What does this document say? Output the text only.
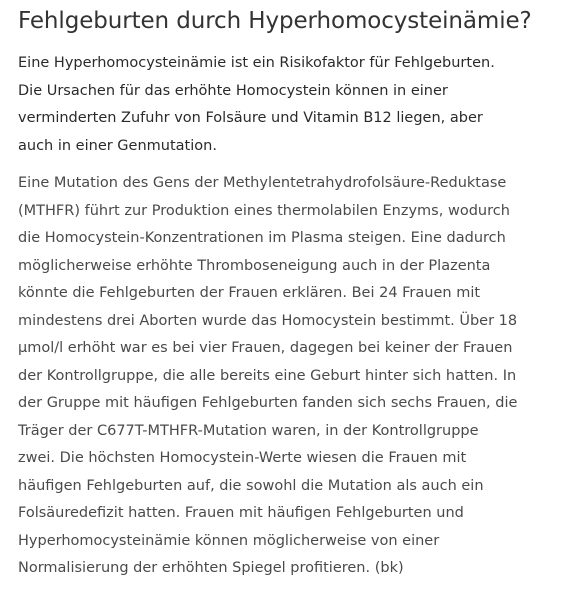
Fehlgeburten durch Hyperhomocysteinämie?

Eine Hyperhomocysteinämie ist ein Risikofaktor für Fehlgeburten.
Die Ursachen für das erhöhte Homocystein können in einer
verminderten Zufuhr von Folsäure und Vitamin B12 liegen, aber
auch in einer Genmutation.

Eine Mutation des Gens der Methylentetrahydrofolsäure-Reduktase
(MTHFR) führt zur Produktion eines thermolabilen Enzyms, wodurch
die Homocystein-Konzentrationen im Plasma steigen. Eine dadurch
möglicherweise erhöhte Thromboseneigung auch in der Plazenta
könnte die Fehlgeburten der Frauen erklären. Bei 24 Frauen mit
mindestens drei Aborten wurde das Homocystein bestimmt. Über 18
µmol/l erhöht war es bei vier Frauen, dagegen bei keiner der Frauen
der Kontrollgruppe, die alle bereits eine Geburt hinter sich hatten. In
der Gruppe mit häufigen Fehlgeburten fanden sich sechs Frauen, die
Träger der C677T-MTHFR-Mutation waren, in der Kontrollgruppe
zwei. Die höchsten Homocystein-Werte wiesen die Frauen mit
häufigen Fehlgeburten auf, die sowohl die Mutation als auch ein
Folsäuredefizit hatten. Frauen mit häufigen Fehlgeburten und
Hyperhomocysteinämie können möglicherweise von einer
Normalisierung der erhöhten Spiegel profitieren. (bk)
